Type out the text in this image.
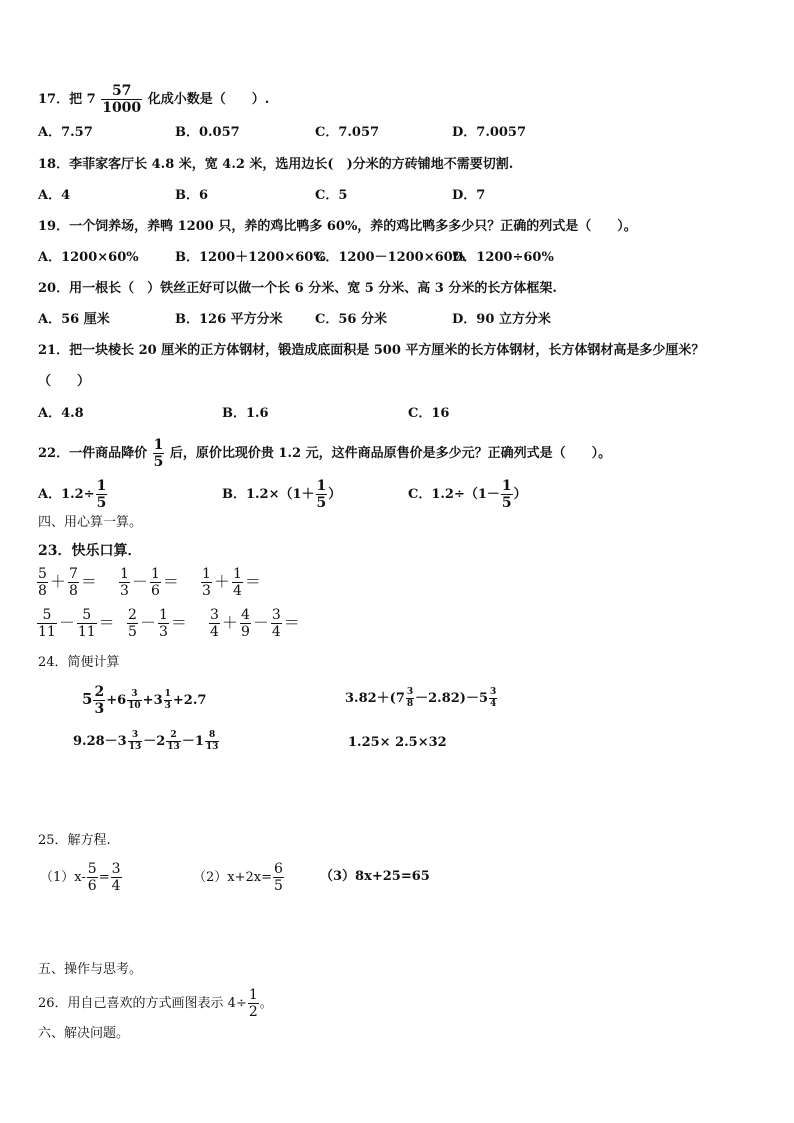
17．把 $7 \frac{57}{1000}$ 化成小数是（　　）.
A．7.57	B．0.057	C．7.057	D．7.0057
18．李菲家客厅长 4.8 米，宽 4.2 米，选用边长(　)分米的方砖铺地不需要切割.
A．4	B．6	C．5	D．7
19．一个饲养场，养鸭 1200 只，养的鸡比鸭多 60%，养的鸡比鸭多多少只？正确的列式是（　　）。
A．1200×60%	B．1200＋1200×60%
C．1200－1200×60%
D．1200÷60%
20．用一根长（　）铁丝正好可以做一个长 6 分米、宽 5 分米、高 3 分米的长方体框架.
A．56 厘米	B．126 平方分米 C．56 分米	D．90 立方分米
21．把一块棱长 20 厘米的正方体钢材，锻造成底面积是 500 平方厘米的长方体钢材，长方体钢材高是多少厘米？
（　　）
A．4.8	B．1.6	C．16
22．一件商品降价 $\frac{1}{5}$ 后，原价比现价贵 1.2 元，这件商品原售价是多少元？正确列式是（　　）。
A．$1.2\div \frac{1}{5}$	B．$1.2\times(1+ \frac{1}{5}$ ）	C．$1.2\div(1- \frac{1}{5}$ ）
四、用心算一算。
23．快乐口算．
$\frac{5}{8} + \frac{7}{8} = \frac{1}{3} - \frac{1}{6} = \frac{1}{3} + \frac{1}{4}$ ＝
$\frac{5}{11} - \frac{5}{11} = \frac{2}{5} - \frac{1}{3} = \frac{3}{4} + \frac{4}{9} - \frac{3}{4}$ ＝
24．简便计算
$5 \frac{2}{3} +6 \frac{3}{10} +3 \frac{1}{3} +2.7$	$3.82+(7 \frac{3}{8} -2.82)-5 \frac{3}{4}$
$9.28-3 \frac{3}{13} -2 \frac{2}{13} -1 \frac{8}{13}$	1.25× 2.5×32
25．解方程.
$(1)x- \frac{5}{6} = \frac{3}{4}$	$(2)x+2x= \frac{6}{5}$	（3）8x+25=65
五、操作与思考。
26．用自己喜欢的方式画图表示 $4\div \frac{1}{2}$ 。
六、解决问题。
